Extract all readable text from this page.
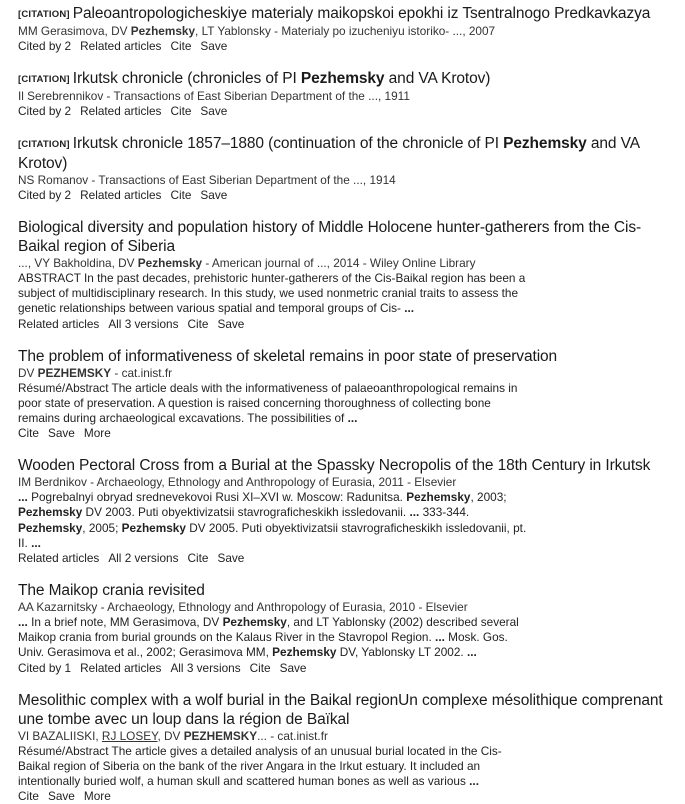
[CITATION] Paleoantropologicheskiye materialy maikopskoi epokhi iz Tsentralnogo Predkavkazya
MM Gerasimova, DV Pezhemsky, LT Yablonsky - Materialy po izucheniyu istoriko- ..., 2007
Cited by 2 Related articles Cite Save
[CITATION] Irkutsk chronicle (chronicles of PI Pezhemsky and VA Krotov)
Il Serebrennikov - Transactions of East Siberian Department of the ..., 1911
Cited by 2 Related articles Cite Save
[CITATION] Irkutsk chronicle 1857–1880 (continuation of the chronicle of PI Pezhemsky and VA Krotov)
NS Romanov - Transactions of East Siberian Department of the ..., 1914
Cited by 2 Related articles Cite Save
Biological diversity and population history of Middle Holocene hunter-gatherers from the Cis-Baikal region of Siberia
..., VY Bakholdina, DV Pezhemsky - American journal of ..., 2014 - Wiley Online Library
ABSTRACT In the past decades, prehistoric hunter-gatherers of the Cis-Baikal region has been a subject of multidisciplinary research. In this study, we used nonmetric cranial traits to assess the genetic relationships between various spatial and temporal groups of Cis- ...
Related articles All 3 versions Cite Save
The problem of informativeness of skeletal remains in poor state of preservation
DV PEZHEMSKY - cat.inist.fr
Résumé/Abstract The article deals with the informativeness of palaeoanthropological remains in poor state of preservation. A question is raised concerning thoroughness of collecting bone remains during archaeological excavations. The possibilities of ...
Cite Save More
Wooden Pectoral Cross from a Burial at the Spassky Necropolis of the 18th Century in Irkutsk
IM Berdnikov - Archaeology, Ethnology and Anthropology of Eurasia, 2011 - Elsevier
... Pogrebalnyi obryad srednevekovoi Rusi XI–XVI w. Moscow: Radunitsa. Pezhemsky, 2003; Pezhemsky DV 2003. Puti obyektivizatsii stavrograficheskikh issledovanii. ... 333-344. Pezhemsky, 2005; Pezhemsky DV 2005. Puti obyektivizatsii stavrograficheskikh issledovanii, pt. II. ...
Related articles All 2 versions Cite Save
The Maikop crania revisited
AA Kazarnitsky - Archaeology, Ethnology and Anthropology of Eurasia, 2010 - Elsevier
... In a brief note, MM Gerasimova, DV Pezhemsky, and LT Yablonsky (2002) described several Maikop crania from burial grounds on the Kalaus River in the Stavropol Region. ... Mosk. Gos. Univ. Gerasimova et al., 2002; Gerasimova MM, Pezhemsky DV, Yablonsky LT 2002. ...
Cited by 1 Related articles All 3 versions Cite Save
Mesolithic complex with a wolf burial in the Baikal regionUn complexe mésolithique comprenant une tombe avec un loup dans la région de Baïkal
VI BAZALIISKI, RJ LOSEY, DV PEZHEMSKY... - cat.inist.fr
Résumé/Abstract The article gives a detailed analysis of an unusual burial located in the Cis-Baikal region of Siberia on the bank of the river Angara in the Irkut estuary. It included an intentionally buried wolf, a human skull and scattered human bones as well as various ...
Cite Save More
